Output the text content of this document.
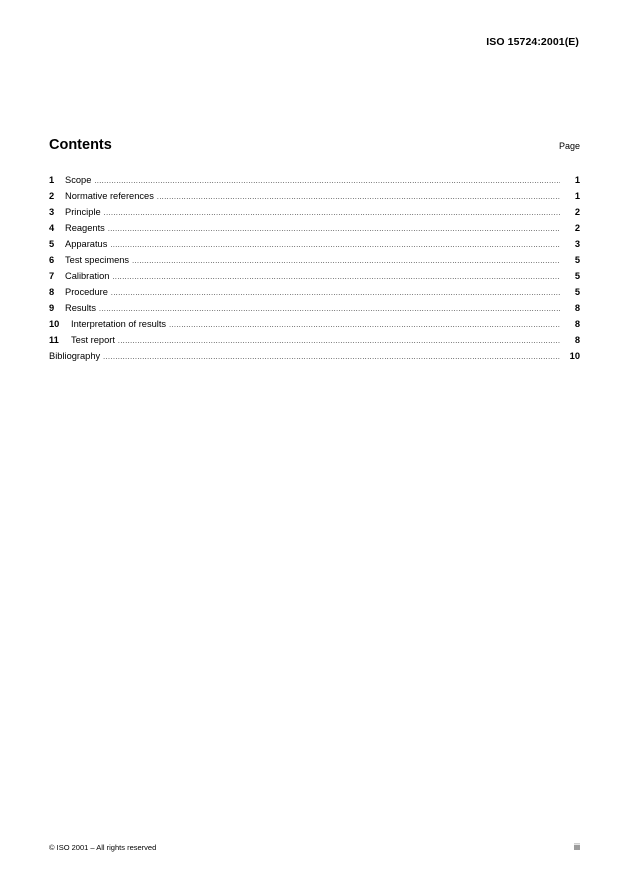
ISO 15724:2001(E)
Contents	Page
1	Scope .....	1
2	Normative references .....	1
3	Principle .....	2
4	Reagents .....	2
5	Apparatus .....	3
6	Test specimens .....	5
7	Calibration .....	5
8	Procedure .....	5
9	Results .....	8
10	Interpretation of results .....	8
11	Test report .....	8
Bibliography .....	10
© ISO 2001 – All rights reserved	iii
